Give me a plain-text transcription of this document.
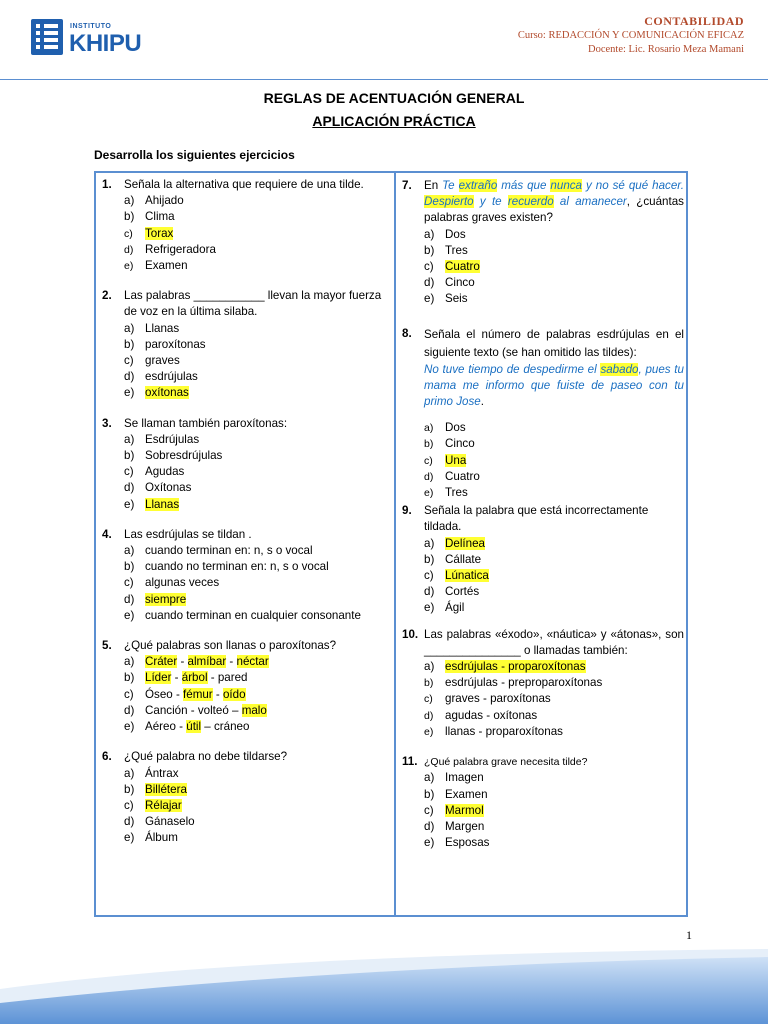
INSTITUTO
KHIPU
CONTABILIDAD
Curso: REDACCIÓN Y COMUNICACIÓN EFICAZ
Docente: Lic. Rosario Meza Mamani
REGLAS DE ACENTUACIÓN GENERAL
APLICACIÓN PRÁCTICA
Desarrolla los siguientes ejercicios
1.	Señala la alternativa que requiere de una tilde.
a) Ahijado
b) Clima
c) Torax
d) Refrigeradora
e) Examen
2.	Las palabras ___________ llevan la mayor fuerza de voz en la última silaba.
a) Llanas
b) paroxítonas
c) graves
d) esdrújulas
e) oxítonas
3.	Se llaman también paroxítonas:
a) Esdrújulas
b) Sobresdrújulas
c) Agudas
d) Oxítonas
e) Llanas
4.	Las esdrújulas se tildan .
a) cuando terminan en: n, s o vocal
b) cuando no terminan en: n, s o vocal
c) algunas veces
d) siempre
e) cuando terminan en cualquier consonante
5.	¿Qué palabras son llanas o paroxítonas?
a) Cráter - almíbar - néctar
b) Líder - árbol - pared
c) Óseo - fémur - oído
d) Canción - volteó – malo
e) Aéreo - útil – cráneo
6.	¿Qué palabra no debe tildarse?
a) Ántrax
b) Billétera
c) Rélajar
d) Gánaselo
e) Álbum
7.	En Te extraño más que nunca y no sé qué hacer. Despierto y te recuerdo al amanecer, ¿cuántas palabras graves existen?
a) Dos
b) Tres
c) Cuatro
d) Cinco
e) Seis
8.	Señala el número de palabras esdrújulas en el siguiente texto (se han omitido las tildes):
No tuve tiempo de despedirme el sabado, pues tu mama me informo que fuiste de paseo con tu primo Jose.
a) Dos
b) Cinco
c) Una
d) Cuatro
e) Tres
9.	Señala la palabra que está incorrectamente tildada.
a) Delínea
b) Cállate
c) Lúnatica
d) Cortés
e) Ágil
10. Las palabras «éxodo», «náutica» y «átonas», son _______________ o llamadas también:
a) esdrújulas - proparoxítonas
b) esdrújulas - preproparoxítonas
c) graves - paroxítonas
d) agudas - oxítonas
e) llanas - proparoxítonas
11. ¿Qué palabra grave necesita tilde?
a) Imagen
b) Examen
c) Marmol
d) Margen
e) Esposas
1
